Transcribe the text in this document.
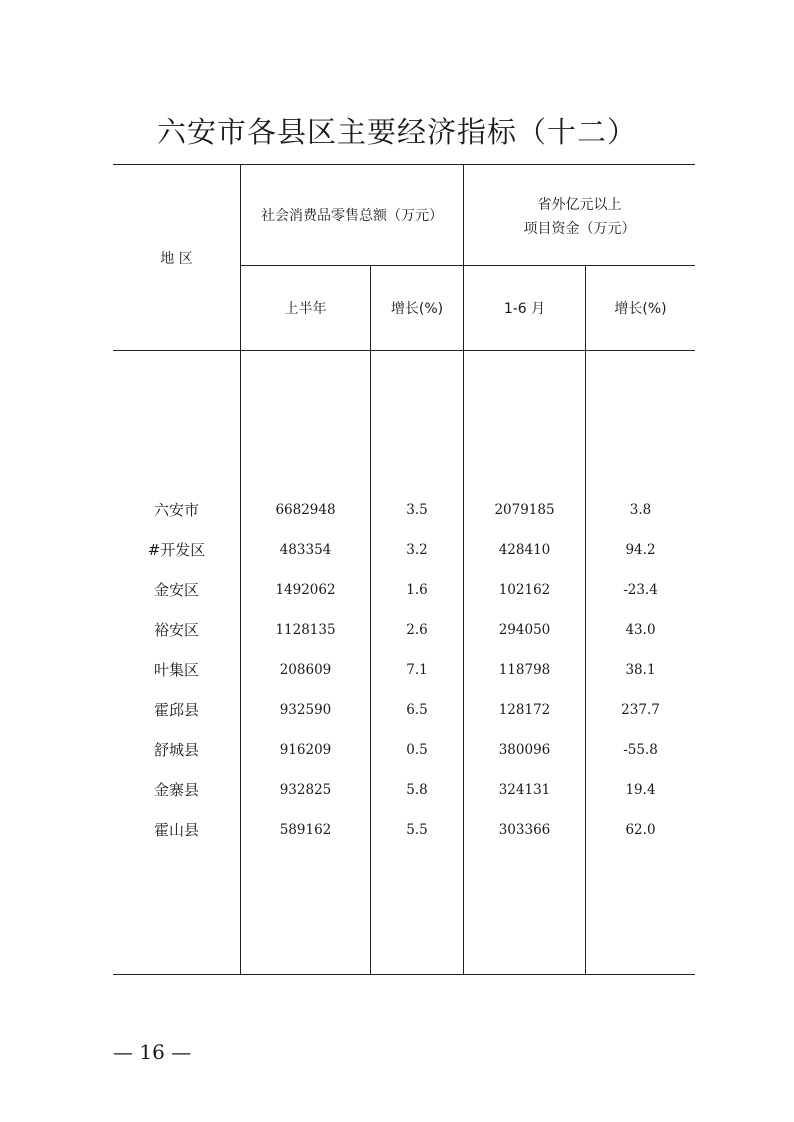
六安市各县区主要经济指标（十二）
地 区
社会消费品零售总额（万元）
省外亿元以上
项目资金（万元）
上半年	增长(%)	1-6 月	增长(%)
六安市	6682948	3.5	2079185	3.8
#开发区	483354	3.2	428410	94.2
金安区	1492062	1.6	102162	-23.4
裕安区	1128135	2.6	294050	43.0
叶集区	208609	7.1	118798	38.1
霍邱县	932590	6.5	128172	237.7
舒城县	916209	0.5	380096	-55.8
金寨县	932825	5.8	324131	19.4
霍山县	589162	5.5	303366	62.0
— 16 —
